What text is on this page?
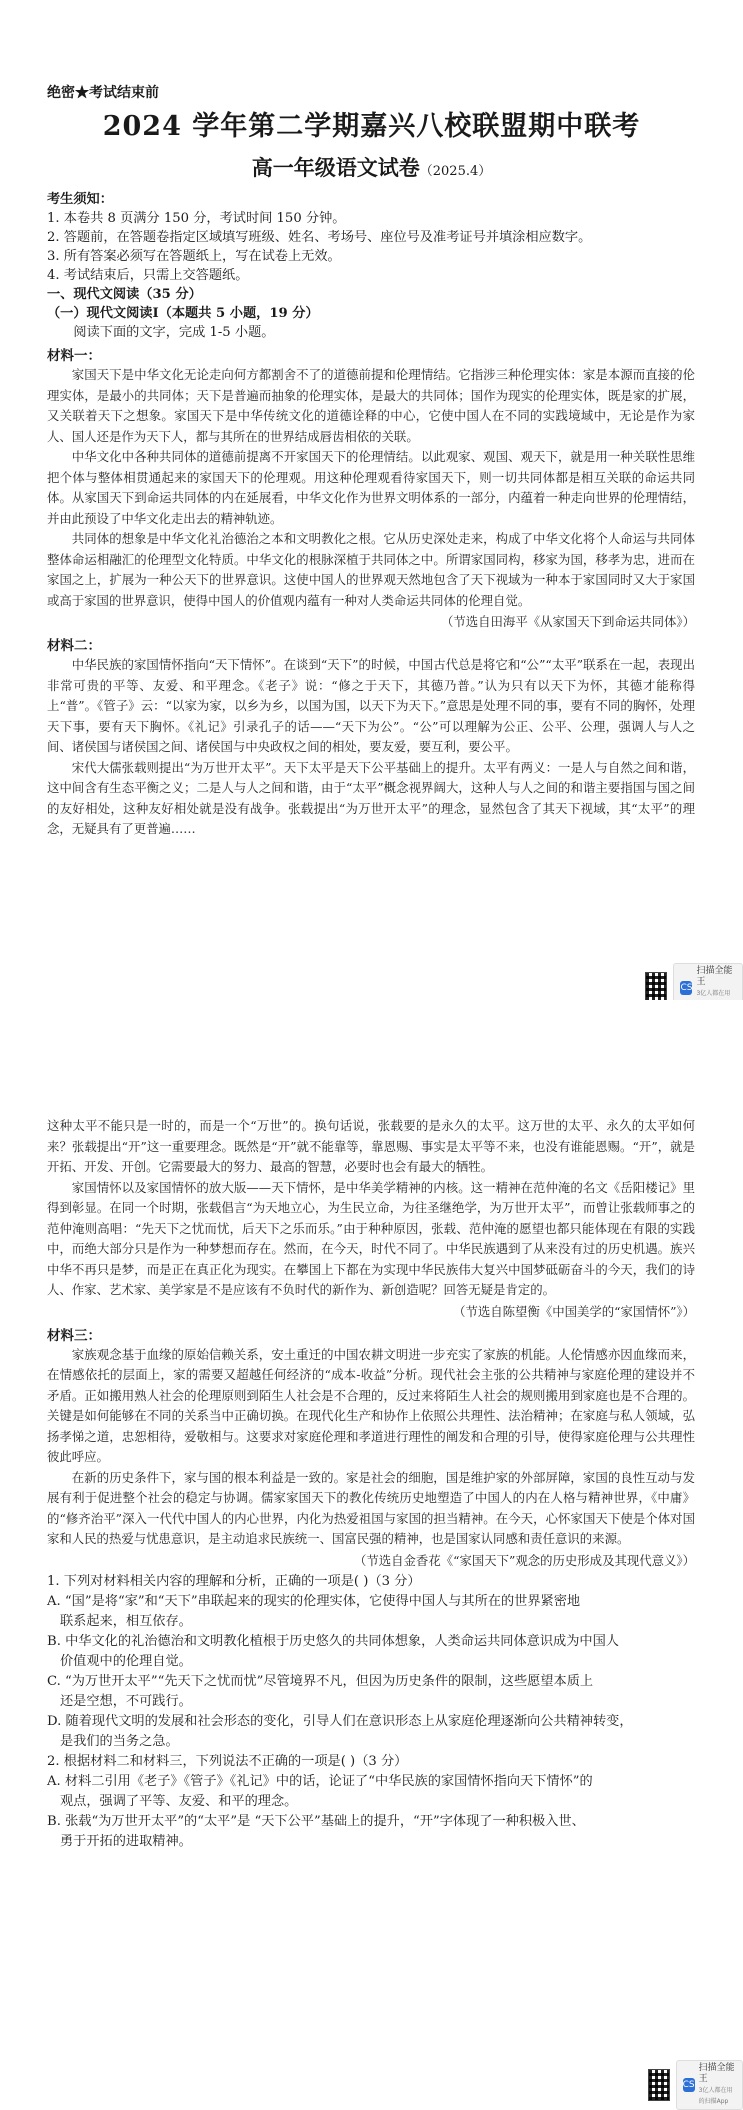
绝密★考试结束前

2024 学年第二学期嘉兴八校联盟期中联考

高一年级语文试卷（2025.4）

考生须知：

1. 本卷共 8 页满分 150 分，考试时间 150 分钟。

2. 答题前，在答题卷指定区域填写班级、姓名、考场号、座位号及准考证号并填涂相应数字。

3. 所有答案必须写在答题纸上，写在试卷上无效。

4. 考试结束后，只需上交答题纸。

一、现代文阅读（35 分）

（一）现代文阅读Ⅰ（本题共 5 小题，19 分）

阅读下面的文字，完成 1-5 小题。

材料一：

家国天下是中华文化无论走向何方都割舍不了的道德前提和伦理情结。它指涉三种伦理实体：家是本源而直接的伦理实体，是最小的共同体；天下是普遍而抽象的伦理实体，是最大的共同体；国作为现实的伦理实体，既是家的扩展，又关联着天下之想象。家国天下是中华传统文化的道德诠释的中心，它使中国人在不同的实践境域中，无论是作为家人、国人还是作为天下人，都与其所在的世界结成唇齿相依的关联。

中华文化中各种共同体的道德前提离不开家国天下的伦理情结。以此观家、观国、观天下，就是用一种关联性思维把个体与整体相贯通起来的家国天下的伦理观。用这种伦理观看待家国天下，则一切共同体都是相互关联的命运共同体。从家国天下到命运共同体的内在延展看，中华文化作为世界文明体系的一部分，内蕴着一种走向世界的伦理情结，并由此预设了中华文化走出去的精神轨迹。

共同体的想象是中华文化礼治德治之本和文明教化之根。它从历史深处走来，构成了中华文化将个人命运与共同体整体命运相融汇的伦理型文化特质。中华文化的根脉深植于共同体之中。所谓家国同构，移家为国，移孝为忠，进而在家国之上，扩展为一种公天下的世界意识。这使中国人的世界观天然地包含了天下视域为一种本于家国同时又大于家国或高于家国的世界意识，使得中国人的价值观内蕴有一种对人类命运共同体的伦理自觉。

（节选自田海平《从家国天下到命运共同体》）

材料二：

中华民族的家国情怀指向“天下情怀”。在谈到“天下”的时候，中国古代总是将它和“公”“太平”联系在一起，表现出非常可贵的平等、友爱、和平理念。《老子》说：“修之于天下，其德乃普。”认为只有以天下为怀，其德才能称得上“普”。《管子》云：“以家为家，以乡为乡，以国为国，以天下为天下。”意思是处理不同的事，要有不同的胸怀，处理天下事，要有天下胸怀。《礼记》引录孔子的话——“天下为公”。“公”可以理解为公正、公平、公理，强调人与人之间、诸侯国与诸侯国之间、诸侯国与中央政权之间的相处，要友爱，要互利，要公平。

宋代大儒张载则提出“为万世开太平”。天下太平是天下公平基础上的提升。太平有两义：一是人与自然之间和谐，这中间含有生态平衡之义；二是人与人之间和谐，由于“太平”概念视界阔大，这种人与人之间的和谐主要指国与国之间的友好相处，这种友好相处就是没有战争。张载提出“为万世开太平”的理念，显然包含了其天下视域，其“太平”的理念，无疑具有了更普遍……

CS
扫描全能王
3亿人都在用

这种太平不能只是一时的，而是一个“万世”的。换句话说，张载要的是永久的太平。这万世的太平、永久的太平如何来？张载提出“开”这一重要理念。既然是“开”就不能靠等，靠恩赐、事实是太平等不来，也没有谁能恩赐。“开”，就是开拓、开发、开创。它需要最大的努力、最高的智慧，必要时也会有最大的牺牲。

家国情怀以及家国情怀的放大版——天下情怀，是中华美学精神的内核。这一精神在范仲淹的名文《岳阳楼记》里得到彰显。在同一个时期，张载倡言“为天地立心，为生民立命，为往圣继绝学，为万世开太平”，而曾让张载师事之的范仲淹则高唱：“先天下之忧而忧，后天下之乐而乐。”由于种种原因，张载、范仲淹的愿望也都只能体现在有限的实践中，而绝大部分只是作为一种梦想而存在。然而，在今天，时代不同了。中华民族遇到了从来没有过的历史机遇。族兴中华不再只是梦，而是正在真正化为现实。在攀国上下都在为实现中华民族伟大复兴中国梦砥砺奋斗的今天，我们的诗人、作家、艺术家、美学家是不是应该有不负时代的新作为、新创造呢？回答无疑是肯定的。

（节选自陈望衡《中国美学的“家国情怀”》）

材料三：

家族观念基于血缘的原始信赖关系，安土重迁的中国农耕文明进一步充实了家族的机能。人伦情感亦因血缘而来，在情感依托的层面上，家的需要又超越任何经济的“成本-收益”分析。现代社会主张的公共精神与家庭伦理的建设并不矛盾。正如搬用熟人社会的伦理原则到陌生人社会是不合理的，反过来将陌生人社会的规则搬用到家庭也是不合理的。关键是如何能够在不同的关系当中正确切换。在现代化生产和协作上依照公共理性、法治精神；在家庭与私人领域，弘扬孝悌之道，忠恕相待，爱敬相与。这要求对家庭伦理和孝道进行理性的阐发和合理的引导，使得家庭伦理与公共理性彼此呼应。

在新的历史条件下，家与国的根本利益是一致的。家是社会的细胞，国是维护家的外部屏障，家国的良性互动与发展有利于促进整个社会的稳定与协调。儒家家国天下的教化传统历史地塑造了中国人的内在人格与精神世界，《中庸》的“修齐治平”深入一代代中国人的内心世界，内化为热爱祖国与家国的担当精神。在今天，心怀家国天下使是个体对国家和人民的热爱与忧患意识，是主动追求民族统一、国富民强的精神，也是国家认同感和责任意识的来源。

（节选自金香花《“家国天下”观念的历史形成及其现代意义》）

1. 下列对材料相关内容的理解和分析，正确的一项是( )（3 分）

A. “国”是将“家”和“天下”串联起来的现实的伦理实体，它使得中国人与其所在的世界紧密地

联系起来，相互依存。

B. 中华文化的礼治德治和文明教化植根于历史悠久的共同体想象，人类命运共同体意识成为中国人

价值观中的伦理自觉。

C. “为万世开太平”“先天下之忧而忧”尽管境界不凡，但因为历史条件的限制，这些愿望本质上

还是空想，不可践行。

D. 随着现代文明的发展和社会形态的变化，引导人们在意识形态上从家庭伦理逐渐向公共精神转变，

是我们的当务之急。

2. 根据材料二和材料三，下列说法不正确的一项是( )（3 分）

A. 材料二引用《老子》《管子》《礼记》中的话，论证了“中华民族的家国情怀指向天下情怀”的

观点，强调了平等、友爱、和平的理念。

B. 张载“为万世开太平”的“太平”是 “天下公平”基础上的提升，“开”字体现了一种积极入世、

勇于开拓的进取精神。

CS
扫描全能王
3亿人都在用的扫描App
